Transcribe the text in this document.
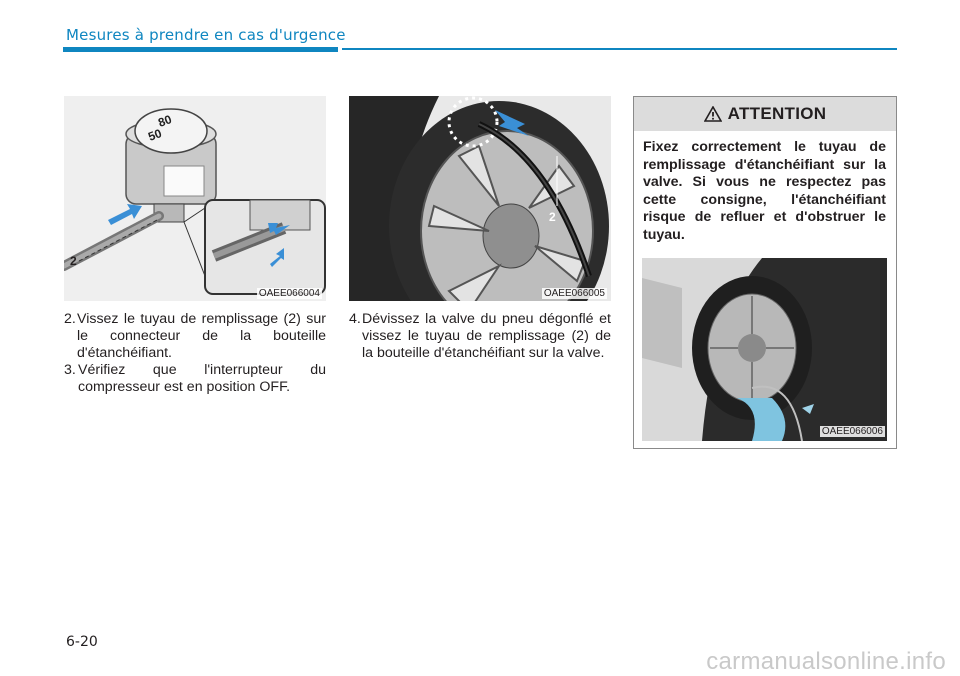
Mesures à prendre en cas d'urgence
80
50
2
OAEE066004
2
OAEE066005
2. Vissez le tuyau de remplissage (2) sur le connecteur de la bouteille d'étanchéifiant.
3. Vérifiez que l'interrupteur du compresseur est en position OFF.
4. Dévissez la valve du pneu dégonflé et vissez le tuyau de remplissage (2) de la bouteille d'étanchéifiant sur la valve.
ATTENTION
Fixez correctement le tuyau de remplissage d'étanchéifiant sur la valve. Si vous ne respectez pas cette consigne, l'étanchéifiant risque de refluer et d'obstruer le tuyau.
OAEE066006
6-20
carmanualsonline.info
